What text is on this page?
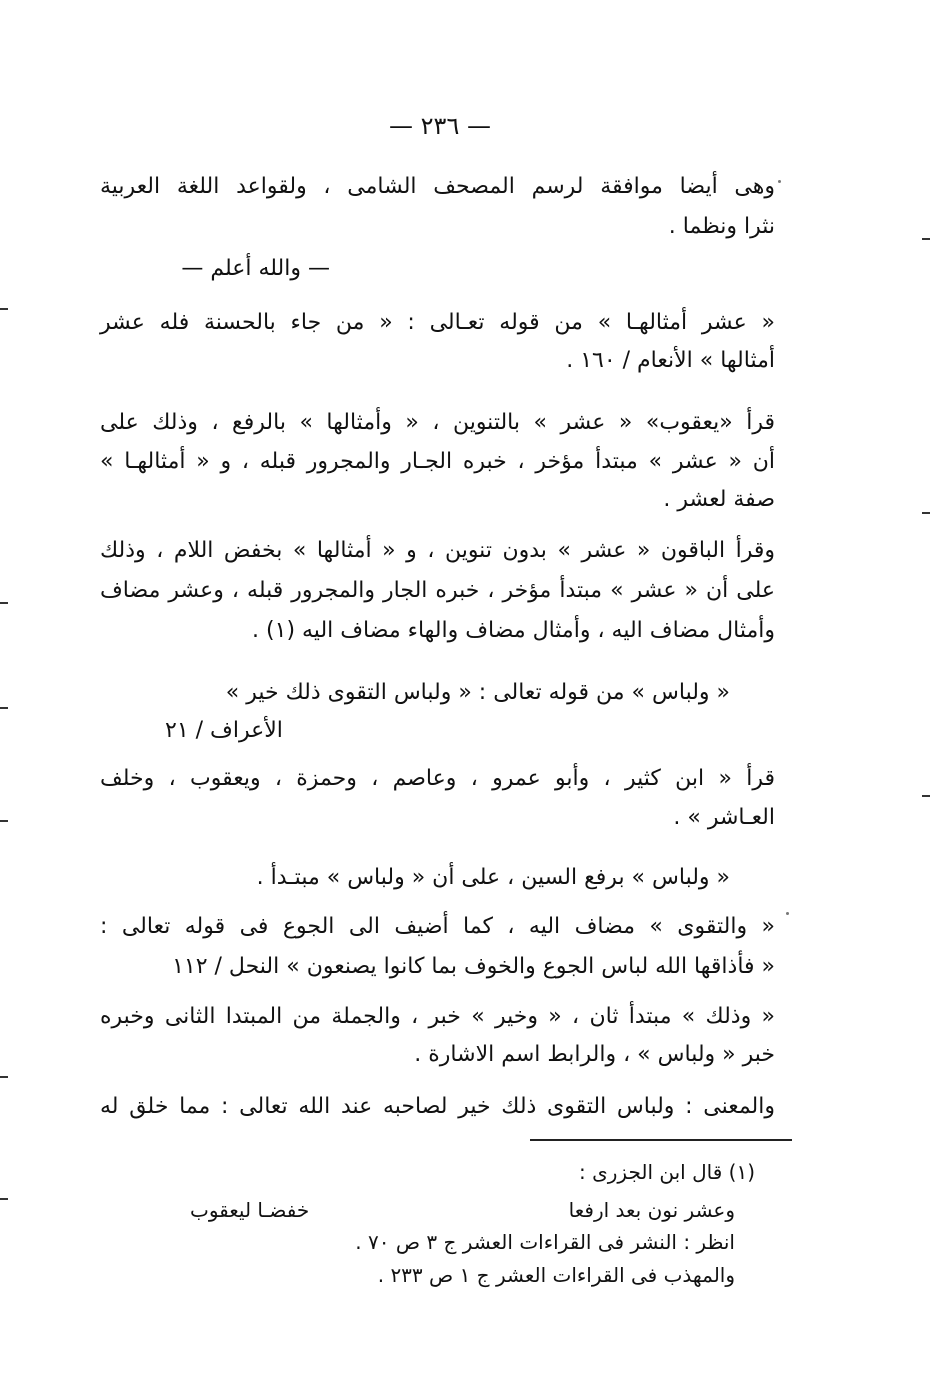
— ٢٣٦ —
وهى أيضا موافقة لرسم المصحف الشامى ، ولقواعد اللغة العربية
نثرا ونظما .
— والله أعلم —
« عشر أمثالهـا » من قوله تعـالى : « من جاء بالحسنة فله عشر
أمثالها » الأنعام / ١٦٠ .
قرأ «يعقوب» « عشر » بالتنوين ، « وأمثالها » بالرفع ، وذلك على
أن « عشر » مبتدأ مؤخر ، خبره الجـار والمجرور قبله ، و « أمثالهـا »
صفة لعشر .
وقرأ الباقون « عشر » بدون تنوين ، و « أمثالها » بخفض اللام ، وذلك
على أن « عشر » مبتدأ مؤخر ، خبره الجار والمجرور قبله ، وعشر مضاف
وأمثال مضاف اليه ، وأمثال مضاف والهاء مضاف اليه (١) .
« ولباس » من قوله تعالى : « ولباس التقوى ذلك خير »
الأعراف / ٢١
قرأ « ابن كثير ، وأبو عمرو ، وعاصم ، وحمزة ، ويعقوب ، وخلف
العـاشر » .
« ولباس » برفع السين ، على أن « ولباس » مبتـدأ .
« والتقوى » مضاف اليه ، كما أضيف الى الجوع فى قوله تعالى :
« فأذاقها الله لباس الجوع والخوف بما كانوا يصنعون » النحل / ١١٢
« وذلك » مبتدأ ثان ، « وخير » خبر ، والجملة من المبتدا الثانى وخبره
خبر « ولباس » ، والرابط اسم الاشارة .
والمعنى : ولباس التقوى ذلك خير لصاحبه عند الله تعالى : مما خلق له
(١) قال ابن الجزرى :
وعشر نون بعد ارفعا
خفضـا ليعقوب
انظر : النشر فى القراءات العشر ج ٣ ص ٧٠ .
والمهذب فى القراءات العشر ج ١ ص ٢٣٣ .
